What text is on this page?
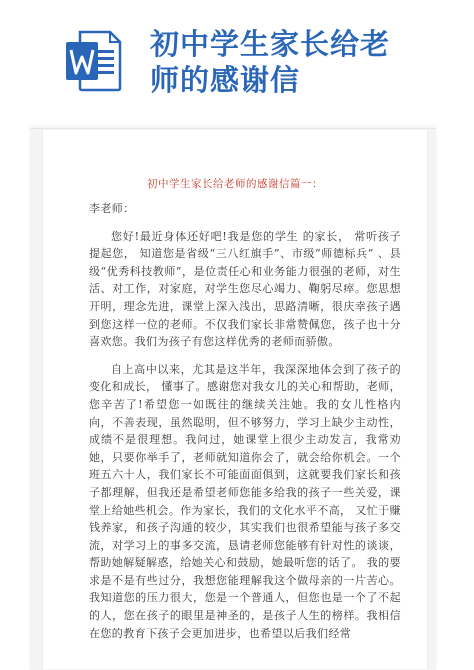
初中学生家长给老
师的感谢信
初中学生家长给老师的感谢信篇一：

李老师：

您好!最近身体还好吧!我是您的学生 的家长， 常听孩子提起您， 知道您是省级“三八红旗手”、市级“师德标兵” 、县级“优秀科技教师”，是位责任心和业务能力很强的老师，对生活、对工作，对家庭，对学生您尽心竭力、鞠躬尽瘁。您思想开明，理念先进，课堂上深入浅出，思路清晰，很庆幸孩子遇到您这样一位的老师。不仅我们家长非常赞佩您，孩子也十分喜欢您。我们为孩子有您这样优秀的老师而骄傲。

自上高中以来，尤其是这半年，我深深地体会到了孩子的变化和成长， 懂事了。感谢您对我女儿的关心和帮助，老师，您辛苦了!希望您一如既往的继续关注她。我的女儿性格内向，不善表现，虽然聪明，但不够努力，学习上缺少主动性，成绩不是很理想。我问过，她课堂上很少主动发言，我常劝她，只要你举手了，老师就知道你会了，就会给你机会。一个班五六十人，我们家长不可能面面俱到，这就要我们家长和孩子都理解，但我还是希望老师您能多给我的孩子一些关爱，课堂上给她些机会。作为家长，我们的文化水平不高， 又忙于赚钱养家，和孩子沟通的较少，其实我们也很希望能与孩子多交流，对学习上的事多交流，恳请老师您能够有针对性的谈谈，帮助她解疑解惑，给她关心和鼓励，她最听您的话了。 我的要求是不是有些过分，我想您能理解我这个做母亲的一片苦心。我知道您的压力很大，您是一个普通人，但您也是一个了不起的人，您在孩子的眼里是神圣的，是孩子人生的榜样。我相信在您的教育下孩子会更加进步，也希望以后我们经常
